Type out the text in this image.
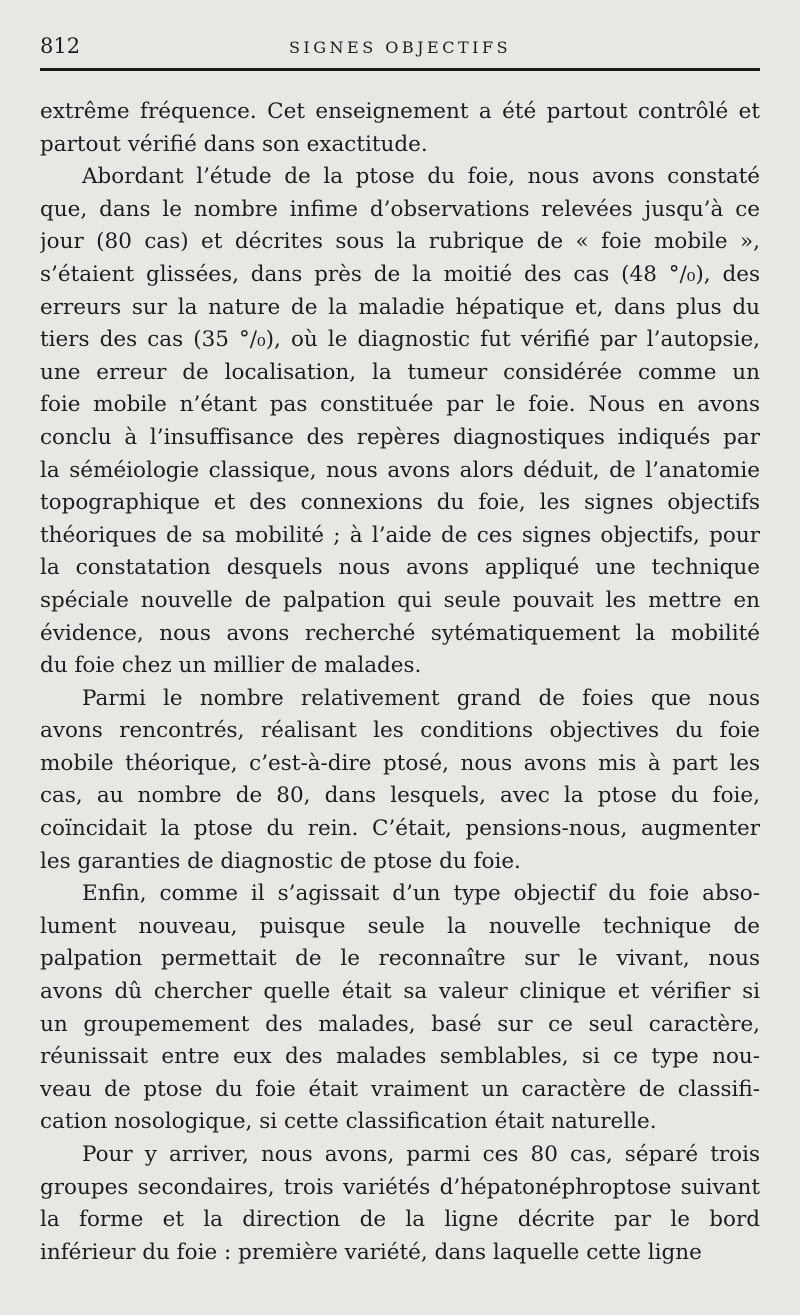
812	SIGNES OBJECTIFS
extrême fréquence. Cet enseignement a été partout contrôlé et
partout vérifié dans son exactitude.
Abordant l’étude de la ptose du foie, nous avons constaté
que, dans le nombre infime d’observations relevées jusqu’à ce
jour (80 cas) et décrites sous la rubrique de « foie mobile »,
s’étaient glissées, dans près de la moitié des cas (48 °/₀), des
erreurs sur la nature de la maladie hépatique et, dans plus du
tiers des cas (35 °/₀), où le diagnostic fut vérifié par l’autopsie,
une erreur de localisation, la tumeur considérée comme un
foie mobile n’étant pas constituée par le foie. Nous en avons
conclu à l’insuffisance des repères diagnostiques indiqués par
la séméiologie classique, nous avons alors déduit, de l’anatomie
topographique et des connexions du foie, les signes objectifs
théoriques de sa mobilité ; à l’aide de ces signes objectifs, pour
la constatation desquels nous avons appliqué une technique
spéciale nouvelle de palpation qui seule pouvait les mettre en
évidence, nous avons recherché sytématiquement la mobilité
du foie chez un millier de malades.
Parmi le nombre relativement grand de foies que nous
avons rencontrés, réalisant les conditions objectives du foie
mobile théorique, c’est-à-dire ptosé, nous avons mis à part les
cas, au nombre de 80, dans lesquels, avec la ptose du foie,
coïncidait la ptose du rein. C’était, pensions-nous, augmenter
les garanties de diagnostic de ptose du foie.
Enfin, comme il s’agissait d’un type objectif du foie abso-
lument nouveau, puisque seule la nouvelle technique de
palpation permettait de le reconnaître sur le vivant, nous
avons dû chercher quelle était sa valeur clinique et vérifier si
un groupemement des malades, basé sur ce seul caractère,
réunissait entre eux des malades semblables, si ce type nou-
veau de ptose du foie était vraiment un caractère de classifi-
cation nosologique, si cette classification était naturelle.
Pour y arriver, nous avons, parmi ces 80 cas, séparé trois
groupes secondaires, trois variétés d’hépatonéphroptose suivant
la forme et la direction de la ligne décrite par le bord
inférieur du foie : première variété, dans laquelle cette ligne
